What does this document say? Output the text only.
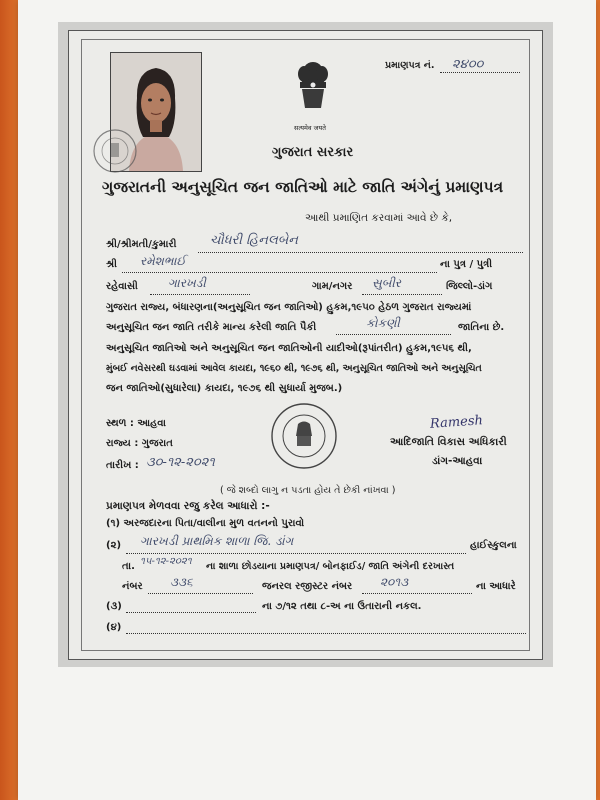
सत्यमेव जयते
પ્રમાણપત્ર નં. ૨૪૦૦
ગુજરાત સરકાર
ગુજરાતની અનુસૂચિત જન જાતિઓ માટે જાતિ અંગેનું પ્રમાણપત્ર
આથી પ્રમાણિત કરવામાં આવે છે કે,
શ્રી/શ્રીમતી/કુમારી	ચૌધરી હિનલબેન
શ્રી રમેશભાઈ	ના પુત્ર / પુત્રી
રહેવાસી	ગારખડી	ગામ/નગર સુબીર	જિલ્લો-ડાંગ
ગુજરાત રાજ્ય, બંધારણના(અનુસૂચિત જન જાતિઓ) હુકમ,૧૯૫૦ હેઠળ ગુજરાત રાજ્યમાં
અનુસૂચિત જન જાતિ તરીકે માન્ય કરેલી જાતિ પૈકી	કોકણી	જાતિના છે.
અનુસૂચિત જાતિઓ અને અનુસૂચિત જન જાતિઓની યાદીઓ(રૂપાંતરીત) હુકમ,૧૯૫૬ થી,
મુંબઈ નવેસરથી ઘડવામાં આવેલ કાયદા, ૧૯૬૦ થી, ૧૯૭૬ થી, અનુસૂચિત જાતિઓ અને અનુસૂચિત
જન જાતિઓ(સુધારેલા) કાયદા, ૧૯૭૬ થી સુધાર્યા મુજબ.)
સ્થળ : આહવા
રાજ્ય : ગુજરાત
તારીખ : ૩૦-૧૨-૨૦૨૧
Ramesh
આદિજાતિ વિકાસ અધિકારી
ડાંગ-આહવા
( જે શબ્દો લાગુ ન પડતા હોય તે છેકી નાંખવા )
પ્રમાણપત્ર મેળવવા રજુ કરેલ આધારો :-
(૧) અરજદારના પિતા/વાલીના મુળ વતનનો પુરાવો
(૨) ગારખડી પ્રાથમિક શાળા જિ. ડાંગ	હાઈસ્કુલના
તા. ૧૫-૧૨-૨૦૨૧ ના શાળા છોડયાના પ્રમાણપત્ર/ બોનફાઈડ/ જાતિ અંગેની દરખાસ્ત
નંબર ૩૩૬	જનરલ રજીસ્ટર નંબર ૨૦૧૩	ના આધારે
(૩)	ના ૭/૧૨ તથા ૮-અ ના ઉતારાની નકલ.
(૪)
